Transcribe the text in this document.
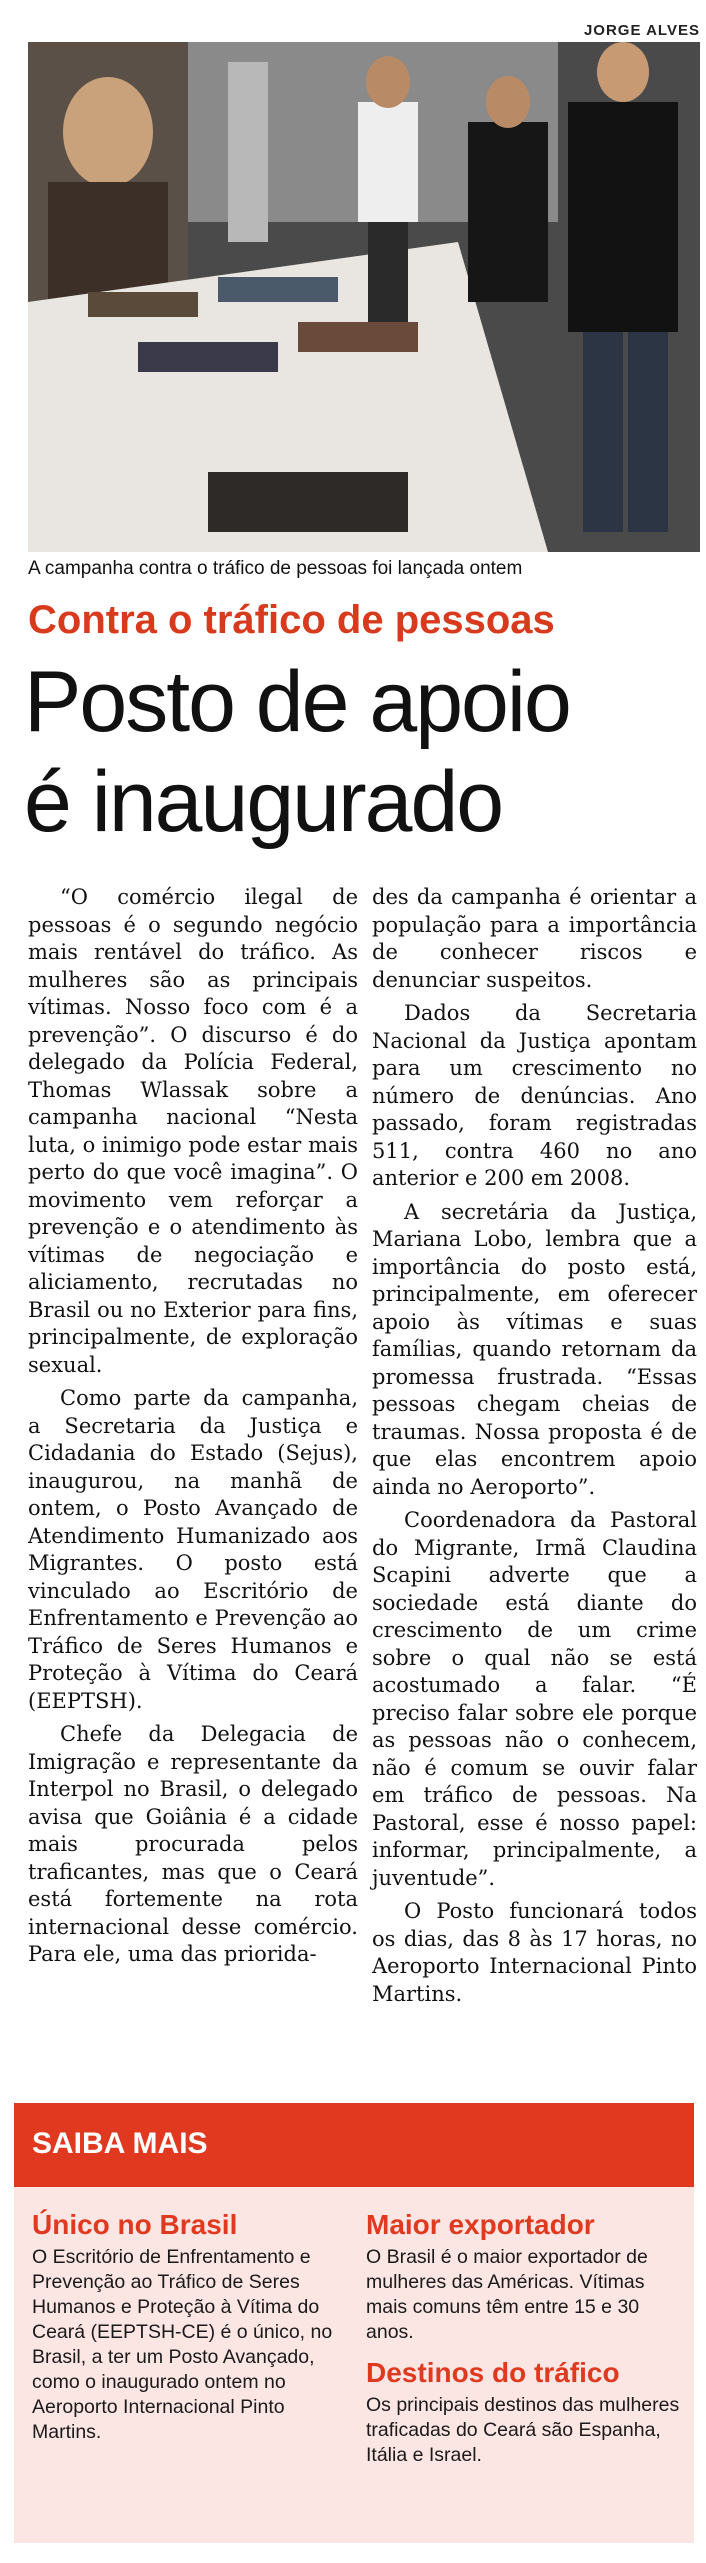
JORGE ALVES
A campanha contra o tráfico de pessoas foi lançada ontem
Contra o tráfico de pessoas
Posto de apoio
é inaugurado

“O comércio ilegal de pessoas é o segundo negócio mais rentável do tráfico. As mulheres são as principais vítimas. Nosso foco com é a prevenção”. O discurso é do delegado da Polícia Federal, Thomas Wlassak sobre a campanha nacional “Nesta luta, o inimigo pode estar mais perto do que você imagina”. O movimento vem reforçar a prevenção e o atendimento às vítimas de negociação e aliciamento, recrutadas no Brasil ou no Exterior para fins, principalmente, de exploração sexual.

Como parte da campanha, a Secretaria da Justiça e Cidadania do Estado (Sejus), inaugurou, na manhã de ontem, o Posto Avançado de Atendimento Humanizado aos Migrantes. O posto está vinculado ao Escritório de Enfrentamento e Prevenção ao Tráfico de Seres Humanos e Proteção à Vítima do Ceará (EEPTSH).

Chefe da Delegacia de Imigração e representante da Interpol no Brasil, o delegado avisa que Goiânia é a cidade mais procurada pelos traficantes, mas que o Ceará está fortemente na rota internacional desse comércio. Para ele, uma das priorida-

des da campanha é orientar a população para a importância de conhecer riscos e denunciar suspeitos.

Dados da Secretaria Nacional da Justiça apontam para um crescimento no número de denúncias. Ano passado, foram registradas 511, contra 460 no ano anterior e 200 em 2008.

A secretária da Justiça, Mariana Lobo, lembra que a importância do posto está, principalmente, em oferecer apoio às vítimas e suas famílias, quando retornam da promessa frustrada. “Essas pessoas chegam cheias de traumas. Nossa proposta é de que elas encontrem apoio ainda no Aeroporto”.

Coordenadora da Pastoral do Migrante, Irmã Claudina Scapini adverte que a sociedade está diante do crescimento de um crime sobre o qual não se está acostumado a falar. “É preciso falar sobre ele porque as pessoas não o conhecem, não é comum se ouvir falar em tráfico de pessoas. Na Pastoral, esse é nosso papel: informar, principalmente, a juventude”.

O Posto funcionará todos os dias, das 8 às 17 horas, no Aeroporto Internacional Pinto Martins.

SAIBA MAIS
Único no Brasil

O Escritório de Enfrentamento e Prevenção ao Tráfico de Seres Humanos e Proteção à Vítima do Ceará (EEPTSH-CE) é o único, no Brasil, a ter um Posto Avançado, como o inaugurado ontem no Aeroporto Internacional Pinto Martins.

Maior exportador

O Brasil é o maior exportador de mulheres das Américas. Vítimas mais comuns têm entre 15 e 30 anos.

Destinos do tráfico

Os principais destinos das mulheres traficadas do Ceará são Espanha, Itália e Israel.
